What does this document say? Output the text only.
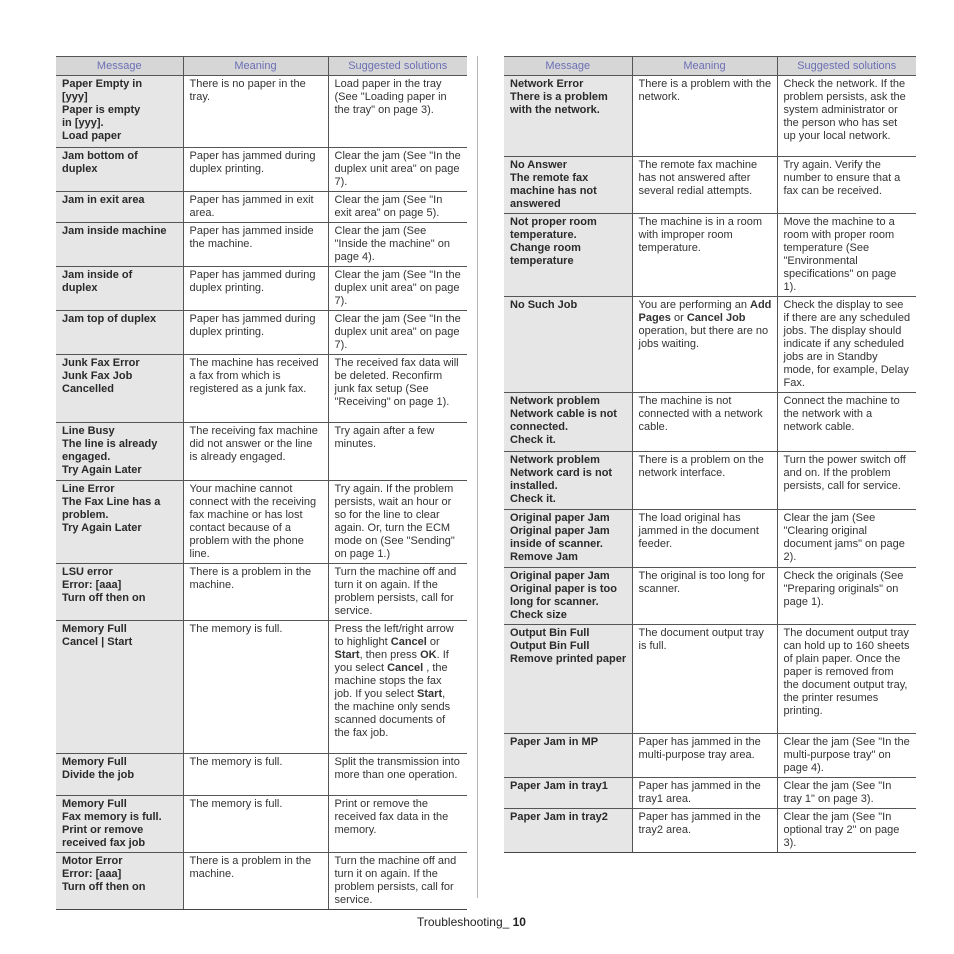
Message	Meaning	Suggested solutions

Paper Empty in
[yyy]
Paper is empty
in [yyy].
Load paper	There is no paper in the tray.	Load paper in the tray (See "Loading paper in the tray" on page 3).

Jam bottom of
duplex	Paper has jammed during duplex printing.	Clear the jam (See "In the duplex unit area" on page 7).

Jam in exit area	Paper has jammed in exit area.	Clear the jam (See "In exit area" on page 5).

Jam inside machine	Paper has jammed inside the machine.	Clear the jam (See "Inside the machine" on page 4).

Jam inside of
duplex	Paper has jammed during duplex printing.	Clear the jam (See "In the duplex unit area" on page 7).

Jam top of duplex	Paper has jammed during duplex printing.	Clear the jam (See "In the duplex unit area" on page 7).

Junk Fax Error
Junk Fax Job
Cancelled	The machine has received a fax from which is registered as a junk fax.	The received fax data will be deleted. Reconfirm junk fax setup (See "Receiving" on page 1).

Line Busy
The line is already engaged.
Try Again Later	The receiving fax machine did not answer or the line is already engaged.	Try again after a few minutes.

Line Error
The Fax Line has a problem.
Try Again Later	Your machine cannot connect with the receiving fax machine or has lost contact because of a problem with the phone line.	Try again. If the problem persists, wait an hour or so for the line to clear again. Or, turn the ECM mode on (See "Sending" on page 1.)

LSU error
Error: [aaa]
Turn off then on	There is a problem in the machine.	Turn the machine off and turn it on again. If the problem persists, call for service.

Memory Full
Cancel | Start	The memory is full.	Press the left/right arrow to highlight Cancel or Start, then press OK. If you select Cancel , the machine stops the fax job. If you select Start, the machine only sends scanned documents of the fax job.

Memory Full
Divide the job	The memory is full.	Split the transmission into more than one operation.

Memory Full
Fax memory is full.
Print or remove received fax job	The memory is full.	Print or remove the received fax data in the memory.

Motor Error
Error: [aaa]
Turn off then on	There is a problem in the machine.	Turn the machine off and turn it on again. If the problem persists, call for service.
Message	Meaning	Suggested solutions

Network Error
There is a problem with the network.	There is a problem with the network.	Check the network. If the problem persists, ask the system administrator or the person who has set up your local network.

No Answer
The remote fax machine has not answered	The remote fax machine has not answered after several redial attempts.	Try again. Verify the number to ensure that a fax can be received.

Not proper room temperature.
Change room temperature	The machine is in a room with improper room temperature.	Move the machine to a room with proper room temperature (See "Environmental specifications" on page 1).

No Such Job	You are performing an Add Pages or Cancel Job operation, but there are no jobs waiting.	Check the display to see if there are any scheduled jobs. The display should indicate if any scheduled jobs are in Standby mode, for example, Delay Fax.

Network problem
Network cable is not connected.
Check it.	The machine is not connected with a network cable.	Connect the machine to the network with a network cable.

Network problem
Network card is not installed.
Check it.	There is a problem on the network interface.	Turn the power switch off and on. If the problem persists, call for service.

Original paper Jam
Original paper Jam inside of scanner.
Remove Jam	The load original has jammed in the document feeder.	Clear the jam (See "Clearing original document jams" on page 2).

Original paper Jam
Original paper is too long for scanner.
Check size	The original is too long for scanner.	Check the originals (See "Preparing originals" on page 1).

Output Bin Full
Output Bin Full
Remove printed paper	The document output tray is full.	The document output tray can hold up to 160 sheets of plain paper. Once the paper is removed from the document output tray, the printer resumes printing.

Paper Jam in MP	Paper has jammed in the multi-purpose tray area.	Clear the jam (See "In the multi-purpose tray" on page 4).

Paper Jam in tray1	Paper has jammed in the tray1 area.	Clear the jam (See "In tray 1" on page 3).

Paper Jam in tray2	Paper has jammed in the tray2 area.	Clear the jam (See "In optional tray 2" on page 3).
Troubleshooting_ 10
